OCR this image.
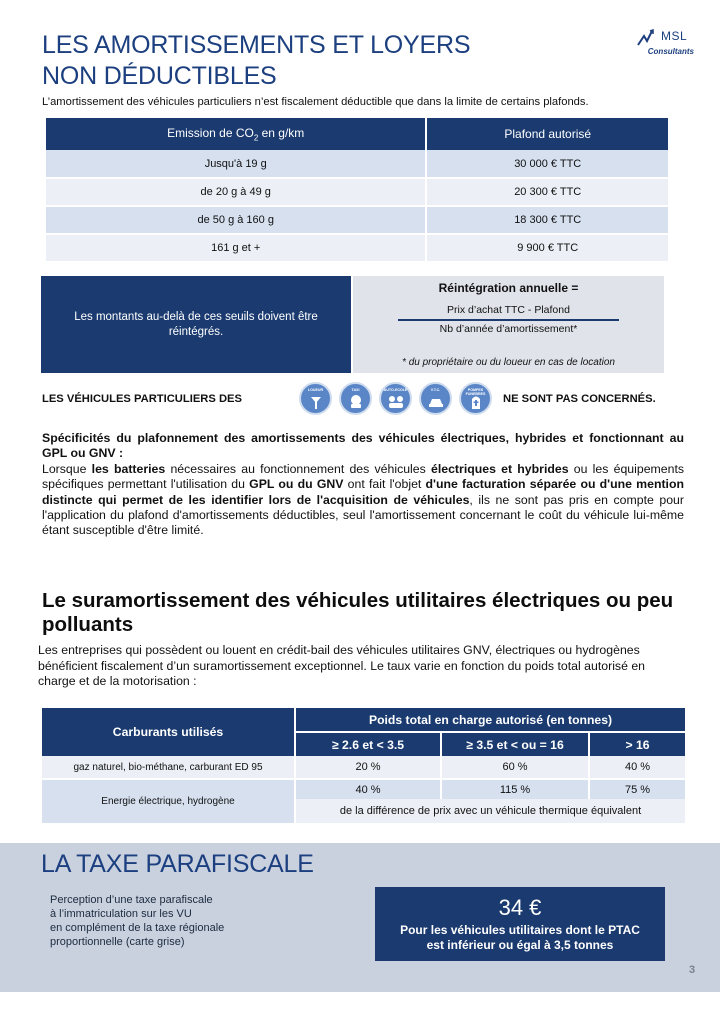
LES AMORTISSEMENTS ET LOYERS
NON DÉDUCTIBLES
MSL
Consultants
L’amortissement des véhicules particuliers n’est fiscalement déductible que dans la limite de certains plafonds.
Emission de $CO_2$ en g/km	Plafond autorisé
Jusqu'à 19 g	30 000 € TTC
de 20 g à 49 g	20 300 € TTC
de 50 g à 160 g	18 300 € TTC
161 g et +	9 900 € TTC
Les montants au-delà de ces seuils doivent être réintégrés.
Réintégration annuelle =
Prix d’achat TTC - Plafond
Nb d’année d’amortissement*
* du propriétaire ou du loueur en cas de location
LES VÉHICULES PARTICULIERS DES
LOUEUR	TAXI	AUTO-ECOLE	V.T.C.	POMPES FUNEBRES	NE SONT PAS CONCERNÉS.
Spécificités du plafonnement des amortissements des véhicules électriques, hybrides et fonctionnant au GPL ou GNV :
Lorsque les batteries nécessaires au fonctionnement des véhicules électriques et hybrides ou les équipements spécifiques permettant l'utilisation du GPL ou du GNV ont fait l'objet d'une facturation séparée ou d'une mention distincte qui permet de les identifier lors de l'acquisition de véhicules, ils ne sont pas pris en compte pour l'application du plafond d'amortissements déductibles, seul l'amortissement concernant le coût du véhicule lui-même étant susceptible d'être limité.
Le suramortissement des véhicules utilitaires électriques ou peu polluants
Les entreprises qui possèdent ou louent en crédit-bail des véhicules utilitaires GNV, électriques ou hydrogènes bénéficient fiscalement d’un suramortissement exceptionnel. Le taux varie en fonction du poids total autorisé en charge et de la motorisation :
Carburants utilisés	Poids total en charge autorisé (en tonnes)		
	≥ 2.6 et < 3.5	≥ 3.5 et < ou = 16	> 16
gaz naturel, bio-méthane, carburant ED 95	20 %	60 %	40 %
Energie électrique, hydrogène	40 %	115 %	75 %
	de la différence de prix avec un véhicule thermique équivalent		
LA TAXE PARAFISCALE
Perception d’une taxe parafiscale
à l’immatriculation sur les VU
en complément de la taxe régionale
proportionnelle (carte grise)
34 €
Pour les véhicules utilitaires dont le PTAC
est inférieur ou égal à 3,5 tonnes
3
